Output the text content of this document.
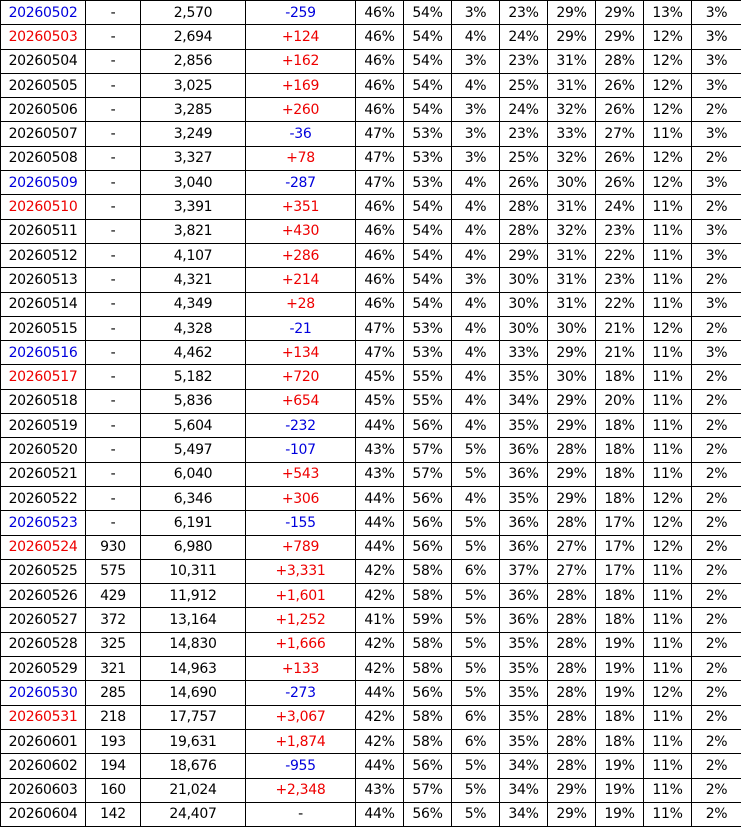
20260502	-	2,570	-259	46%	54%	3%	23%	29%	29%	13%	3%
20260503	-	2,694	+124	46%	54%	4%	24%	29%	29%	12%	3%
20260504	-	2,856	+162	46%	54%	3%	23%	31%	28%	12%	3%
20260505	-	3,025	+169	46%	54%	4%	25%	31%	26%	12%	3%
20260506	-	3,285	+260	46%	54%	3%	24%	32%	26%	12%	2%
20260507	-	3,249	-36	47%	53%	3%	23%	33%	27%	11%	3%
20260508	-	3,327	+78	47%	53%	3%	25%	32%	26%	12%	2%
20260509	-	3,040	-287	47%	53%	4%	26%	30%	26%	12%	3%
20260510	-	3,391	+351	46%	54%	4%	28%	31%	24%	11%	2%
20260511	-	3,821	+430	46%	54%	4%	28%	32%	23%	11%	3%
20260512	-	4,107	+286	46%	54%	4%	29%	31%	22%	11%	3%
20260513	-	4,321	+214	46%	54%	3%	30%	31%	23%	11%	2%
20260514	-	4,349	+28	46%	54%	4%	30%	31%	22%	11%	3%
20260515	-	4,328	-21	47%	53%	4%	30%	30%	21%	12%	2%
20260516	-	4,462	+134	47%	53%	4%	33%	29%	21%	11%	3%
20260517	-	5,182	+720	45%	55%	4%	35%	30%	18%	11%	2%
20260518	-	5,836	+654	45%	55%	4%	34%	29%	20%	11%	2%
20260519	-	5,604	-232	44%	56%	4%	35%	29%	18%	11%	2%
20260520	-	5,497	-107	43%	57%	5%	36%	28%	18%	11%	2%
20260521	-	6,040	+543	43%	57%	5%	36%	29%	18%	11%	2%
20260522	-	6,346	+306	44%	56%	4%	35%	29%	18%	12%	2%
20260523	-	6,191	-155	44%	56%	5%	36%	28%	17%	12%	2%
20260524	930	6,980	+789	44%	56%	5%	36%	27%	17%	12%	2%
20260525	575	10,311	+3,331	42%	58%	6%	37%	27%	17%	11%	2%
20260526	429	11,912	+1,601	42%	58%	5%	36%	28%	18%	11%	2%
20260527	372	13,164	+1,252	41%	59%	5%	36%	28%	18%	11%	2%
20260528	325	14,830	+1,666	42%	58%	5%	35%	28%	19%	11%	2%
20260529	321	14,963	+133	42%	58%	5%	35%	28%	19%	11%	2%
20260530	285	14,690	-273	44%	56%	5%	35%	28%	19%	12%	2%
20260531	218	17,757	+3,067	42%	58%	6%	35%	28%	18%	11%	2%
20260601	193	19,631	+1,874	42%	58%	6%	35%	28%	18%	11%	2%
20260602	194	18,676	-955	44%	56%	5%	34%	28%	19%	11%	2%
20260603	160	21,024	+2,348	43%	57%	5%	34%	29%	19%	11%	2%
20260604	142	24,407	-	44%	56%	5%	34%	29%	19%	11%	2%
